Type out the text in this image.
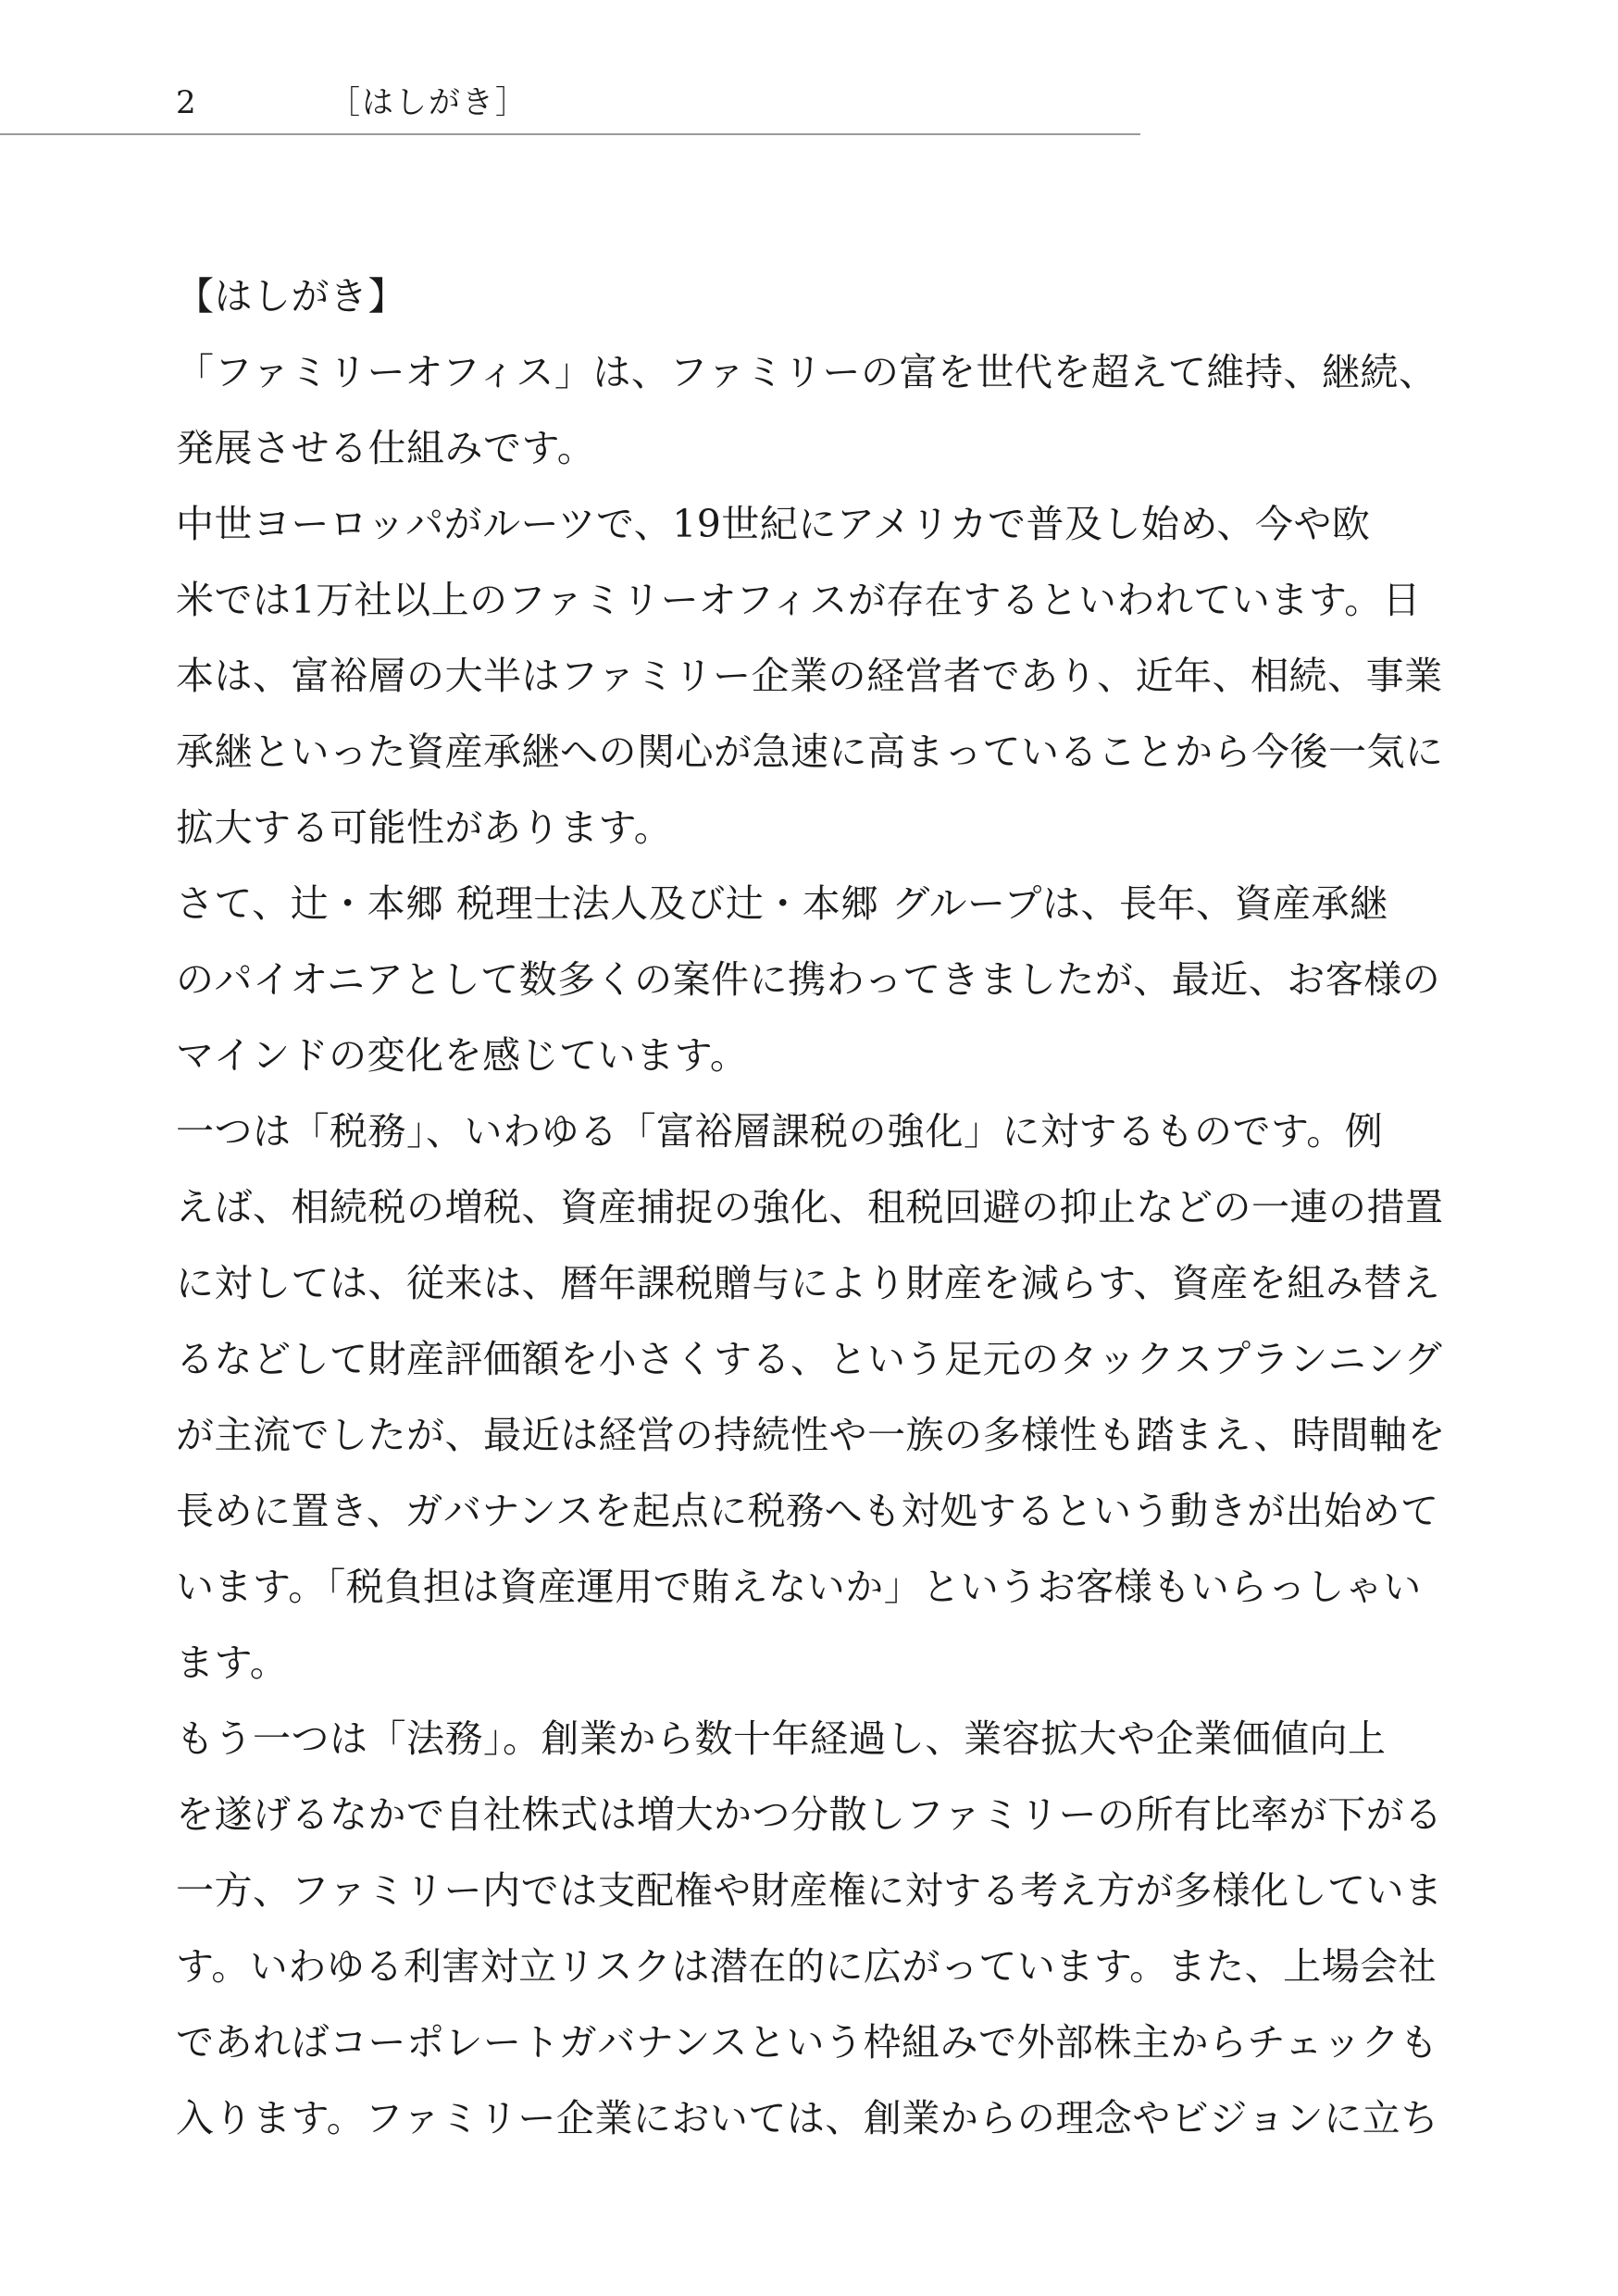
2	［はしがき］
【はしがき】

「ファミリーオフィス」は、ファミリーの富を世代を超えて維持、継続、
発展させる仕組みです。

中世ヨーロッパがルーツで、19世紀にアメリカで普及し始め、今や欧
米では1万社以上のファミリーオフィスが存在するといわれています。日
本は、富裕層の大半はファミリー企業の経営者であり、近年、相続、事業
承継といった資産承継への関心が急速に高まっていることから今後一気に
拡大する可能性があります。

さて、辻・本郷 税理士法人及び辻・本郷 グループは、長年、資産承継
のパイオニアとして数多くの案件に携わってきましたが、最近、お客様の
マインドの変化を感じています。

一つは「税務」、いわゆる「富裕層課税の強化」に対するものです。例
えば、相続税の増税、資産捕捉の強化、租税回避の抑止などの一連の措置
に対しては、従来は、暦年課税贈与により財産を減らす、資産を組み替え
るなどして財産評価額を小さくする、という足元のタックスプランニング
が主流でしたが、最近は経営の持続性や一族の多様性も踏まえ、時間軸を
長めに置き、ガバナンスを起点に税務へも対処するという動きが出始めて
います。「税負担は資産運用で賄えないか」というお客様もいらっしゃい
ます。

もう一つは「法務」。創業から数十年経過し、業容拡大や企業価値向上
を遂げるなかで自社株式は増大かつ分散しファミリーの所有比率が下がる
一方、ファミリー内では支配権や財産権に対する考え方が多様化していま
す。いわゆる利害対立リスクは潜在的に広がっています。また、上場会社
であればコーポレートガバナンスという枠組みで外部株主からチェックも
入ります。ファミリー企業においては、創業からの理念やビジョンに立ち
